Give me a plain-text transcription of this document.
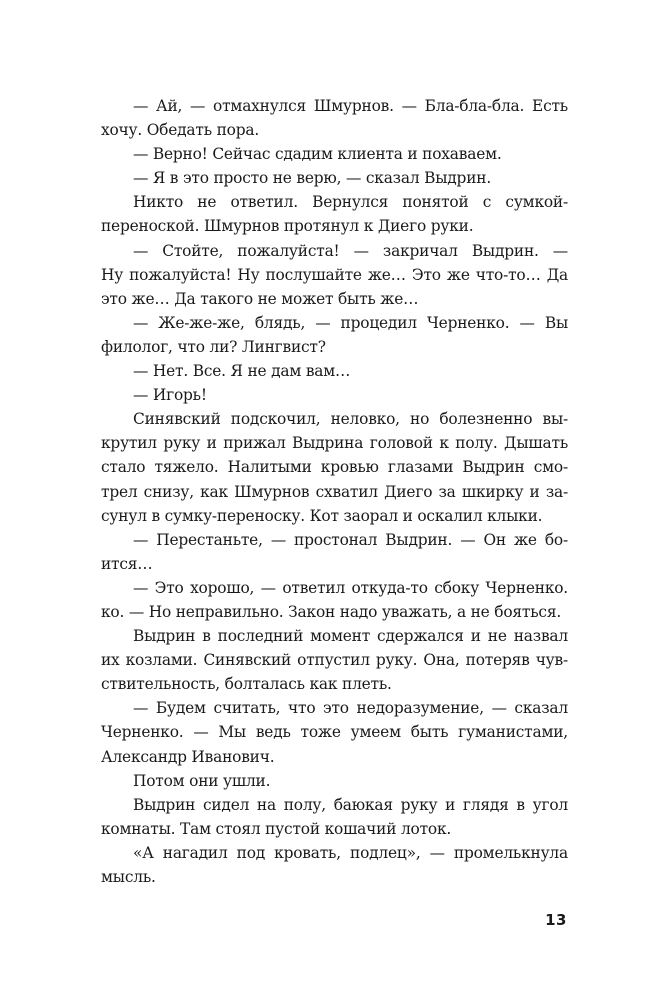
— Ай, — отмахнулся Шмурнов. — Бла-бла-бла. Есть
хочу. Обедать пора.
— Верно! Сейчас сдадим клиента и похаваем.
— Я в это просто не верю, — сказал Выдрин.
Никто не ответил. Вернулся понятой с сумкой-
переноской. Шмурнов протянул к Диего руки.
— Стойте, пожалуйста! — закричал Выдрин. —
Ну пожалуйста! Ну послушайте же… Это же что-то… Да
это же… Да такого не может быть же…
— Же-же-же, блядь, — процедил Черненко. — Вы
филолог, что ли? Лингвист?
— Нет. Все. Я не дам вам…
— Игорь!
Синявский подскочил, неловко, но болезненно вы-
крутил руку и прижал Выдрина головой к полу. Дышать
стало тяжело. Налитыми кровью глазами Выдрин смо-
трел снизу, как Шмурнов схватил Диего за шкирку и за-
сунул в сумку-переноску. Кот заорал и оскалил клыки.
— Перестаньте, — простонал Выдрин. — Он же бо-
ится…
— Это хорошо, — ответил откуда-то сбоку Черненко.
ко. — Но неправильно. Закон надо уважать, а не бояться.
Выдрин в последний момент сдержался и не назвал
их козлами. Синявский отпустил руку. Она, потеряв чув-
ствительность, болталась как плеть.
— Будем считать, что это недоразумение, — сказал
Черненко. — Мы ведь тоже умеем быть гуманистами,
Александр Иванович.
Потом они ушли.
Выдрин сидел на полу, баюкая руку и глядя в угол
комнаты. Там стоял пустой кошачий лоток.
«А нагадил под кровать, подлец», — промелькнула
мысль.
13
